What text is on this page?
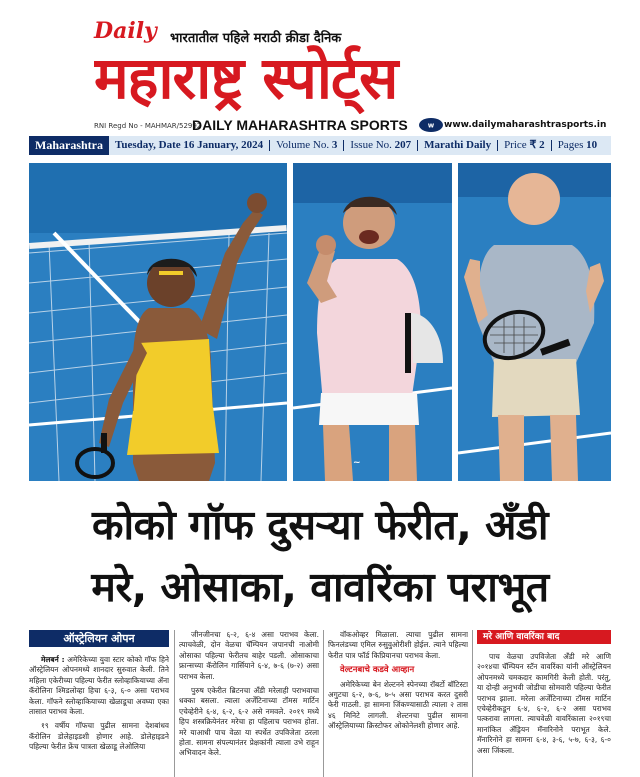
Daily भारतातील पहिले मराठी क्रीडा दैनिक
महाराष्ट्र स्पोर्ट्स
RNI Regd No - MAHMAR/52992
DAILY MAHARASHTRA SPORTS	w www.dailymaharashtrasports.in
Maharashtra	Tuesday, Date 16 January, 2024	Volume No. 3	Issue No. 207	Marathi Daily	Price ₹ 2	Pages 10
~
कोको गॉफ दुसऱ्या फेरीत, अँडी
मरे, ओसाका, वावरिंका पराभूत
ऑस्ट्रेलियन ओपन

मेलबर्न : अमेरिकेच्या युवा स्टार कोको गॉफ हिने ऑस्ट्रेलियन ओपनमध्ये शानदार सुरुवात केली. तिने महिला एकेरीच्या पहिल्या फेरीत स्लोव्हाकियाच्या ॲना कॅरोलिना श्मिडलोव्हा हिचा ६-३, ६-० असा पराभव केला. गॉफने स्लोव्हाकियाच्या खेळाडूचा अवघ्या एका तासात पराभव केला.

१९ वर्षीय गॉफचा पुढील सामना देशबांधव कॅरोलिन डोलेहाइडशी होणार आहे. डोलेहाइडने पहिल्या फेरीत फ्रेंच पात्रता खेळाडू लेओलिया

जीनजीनचा ६-२, ६-४ असा पराभव केला. त्याचवेळी, दोन वेळचा चॅम्पियन जपानची नाओमी ओसाका पहिल्या फेरीतच बाहेर पडली. ओसाकाचा फ्रान्सच्या कॅरोलिन गार्सियाने ६-४, ७-६ (७-२) असा पराभव केला.

पुरुष एकेरीत ब्रिटनचा अँडी मरेलाही पराभवाचा धक्का बसला. त्याला अर्जेंटिनाच्या टॉमस मार्टिन एचेव्हेरीने ६-४, ६-२, ६-२ असे नमवले. २०१९ मध्ये हिप शस्त्रक्रियेनंतर मरेचा हा पहिलाच पराभव होता. मरे याआधी पाच वेळा या स्पर्धेत उपविजेता ठरला होता. सामना संपल्यानंतर प्रेक्षकांनी त्याला उभे राहून अभिवादन केले.

वॉकओव्हर मिळाला. त्याचा पुढील सामना फिनलंडच्या एमिल रुसुवुओरीशी होईल. त्याने पहिल्या फेरीत पात्र फॉर्ड किप्रियानचा पराभव केला.

वेल्टनबाचे कडवे आव्हान

अमेरिकेच्या बेन शेल्टनने स्पेनच्या रॉबर्टो बॉटिस्टा अगुटचा ६-२, ७-६, ७-५ असा पराभव करत दुसरी फेरी गाठली. हा सामना जिंकण्यासाठी त्याला २ तास ४६ मिनिटे लागली. शेल्टनचा पुढील सामना ऑस्ट्रेलियाच्या क्रिस्टोफर ओकोनेलशी होणार आहे.

मरे आणि वावरिंका बाद

पाच वेळचा उपविजेता अँडी मरे आणि २०१४चा चॅम्पियन स्टॅन वावरिंका यांनी ऑस्ट्रेलियन ओपनमध्ये चमकदार कामगिरी केली होती. परंतु, या दोन्ही अनुभवी जोडीचा सोमवारी पहिल्या फेरीत पराभव झाला. मरेला अर्जेंटिनाच्या टॉमस मार्टिन एचेव्हेरीकडून ६-४, ६-२, ६-२ असा पराभव पत्करावा लागला. त्याचवेळी वावरिंकाला २०१९चा मानांकित ॲड्रियन मॅनारिनोने पराभूत केले. मॅनारिनोने हा सामना ६-४, ३-६, ५-७, ६-३, ६-० असा जिंकला.
